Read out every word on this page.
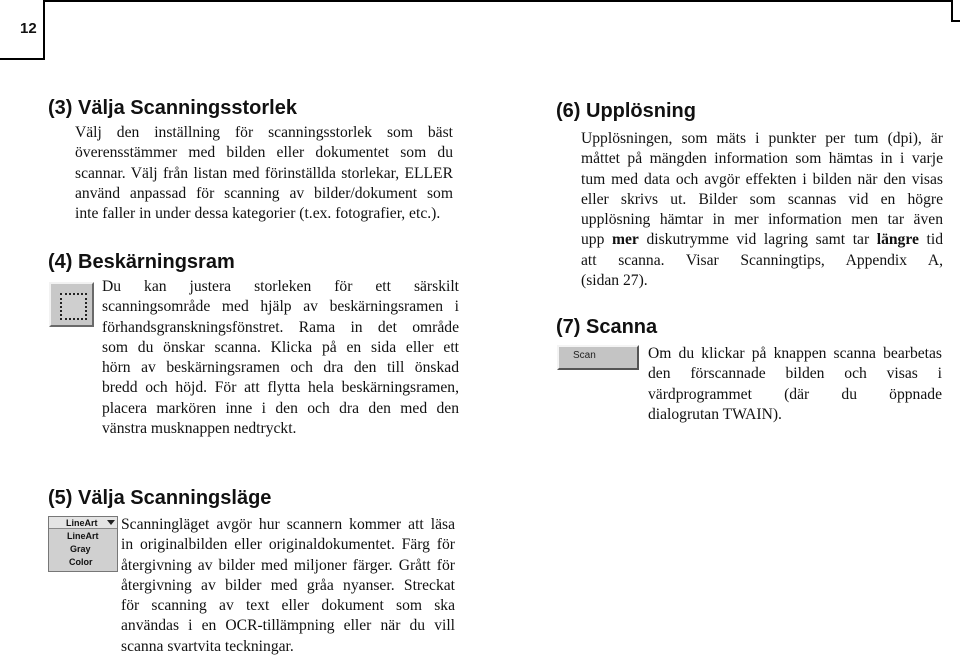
12
(3) Välja Scanningsstorlek
Välj den inställning för scanningsstorlek som bäst
överensstämmer med bilden eller dokumentet som du
scannar. Välj från listan med förinställda storlekar, ELLER
använd anpassad för scanning av bilder/dokument som
inte faller in under dessa kategorier (t.ex. fotografier, etc.).
(4) Beskärningsram
Du kan justera storleken för ett särskilt
scanningsområde med hjälp av beskärningsramen i
förhandsgranskningsfönstret. Rama in det område
som du önskar scanna. Klicka på en sida eller ett
hörn av beskärningsramen och dra den till önskad
bredd och höjd. För att flytta hela beskärningsramen,
placera markören inne i den och dra den med den
vänstra musknappen nedtryckt.
(5) Välja Scanningsläge
LineArt
LineArt
Gray
Color
Scanningläget avgör hur scannern kommer att läsa
in originalbilden eller originaldokumentet. Färg för
återgivning av bilder med miljoner färger. Grått för
återgivning av bilder med gråa nyanser. Streckat
för scanning av text eller dokument som ska
användas i en OCR-tillämpning eller när du vill
scanna svartvita teckningar.
(6) Upplösning
Upplösningen, som mäts i punkter per tum (dpi), är
måttet på mängden information som hämtas in i varje
tum med data och avgör effekten i bilden när den visas
eller skrivs ut. Bilder som scannas vid en högre
upplösning hämtar in mer information men tar även
upp mer diskutrymme vid lagring samt tar längre tid
att scanna. Visar Scanningtips, Appendix A,
(sidan 27).
(7) Scanna
Scan	Om du klickar på knappen scanna bearbetas
den förscannade bilden och visas i
värdprogrammet (där du öppnade
dialogrutan TWAIN).
